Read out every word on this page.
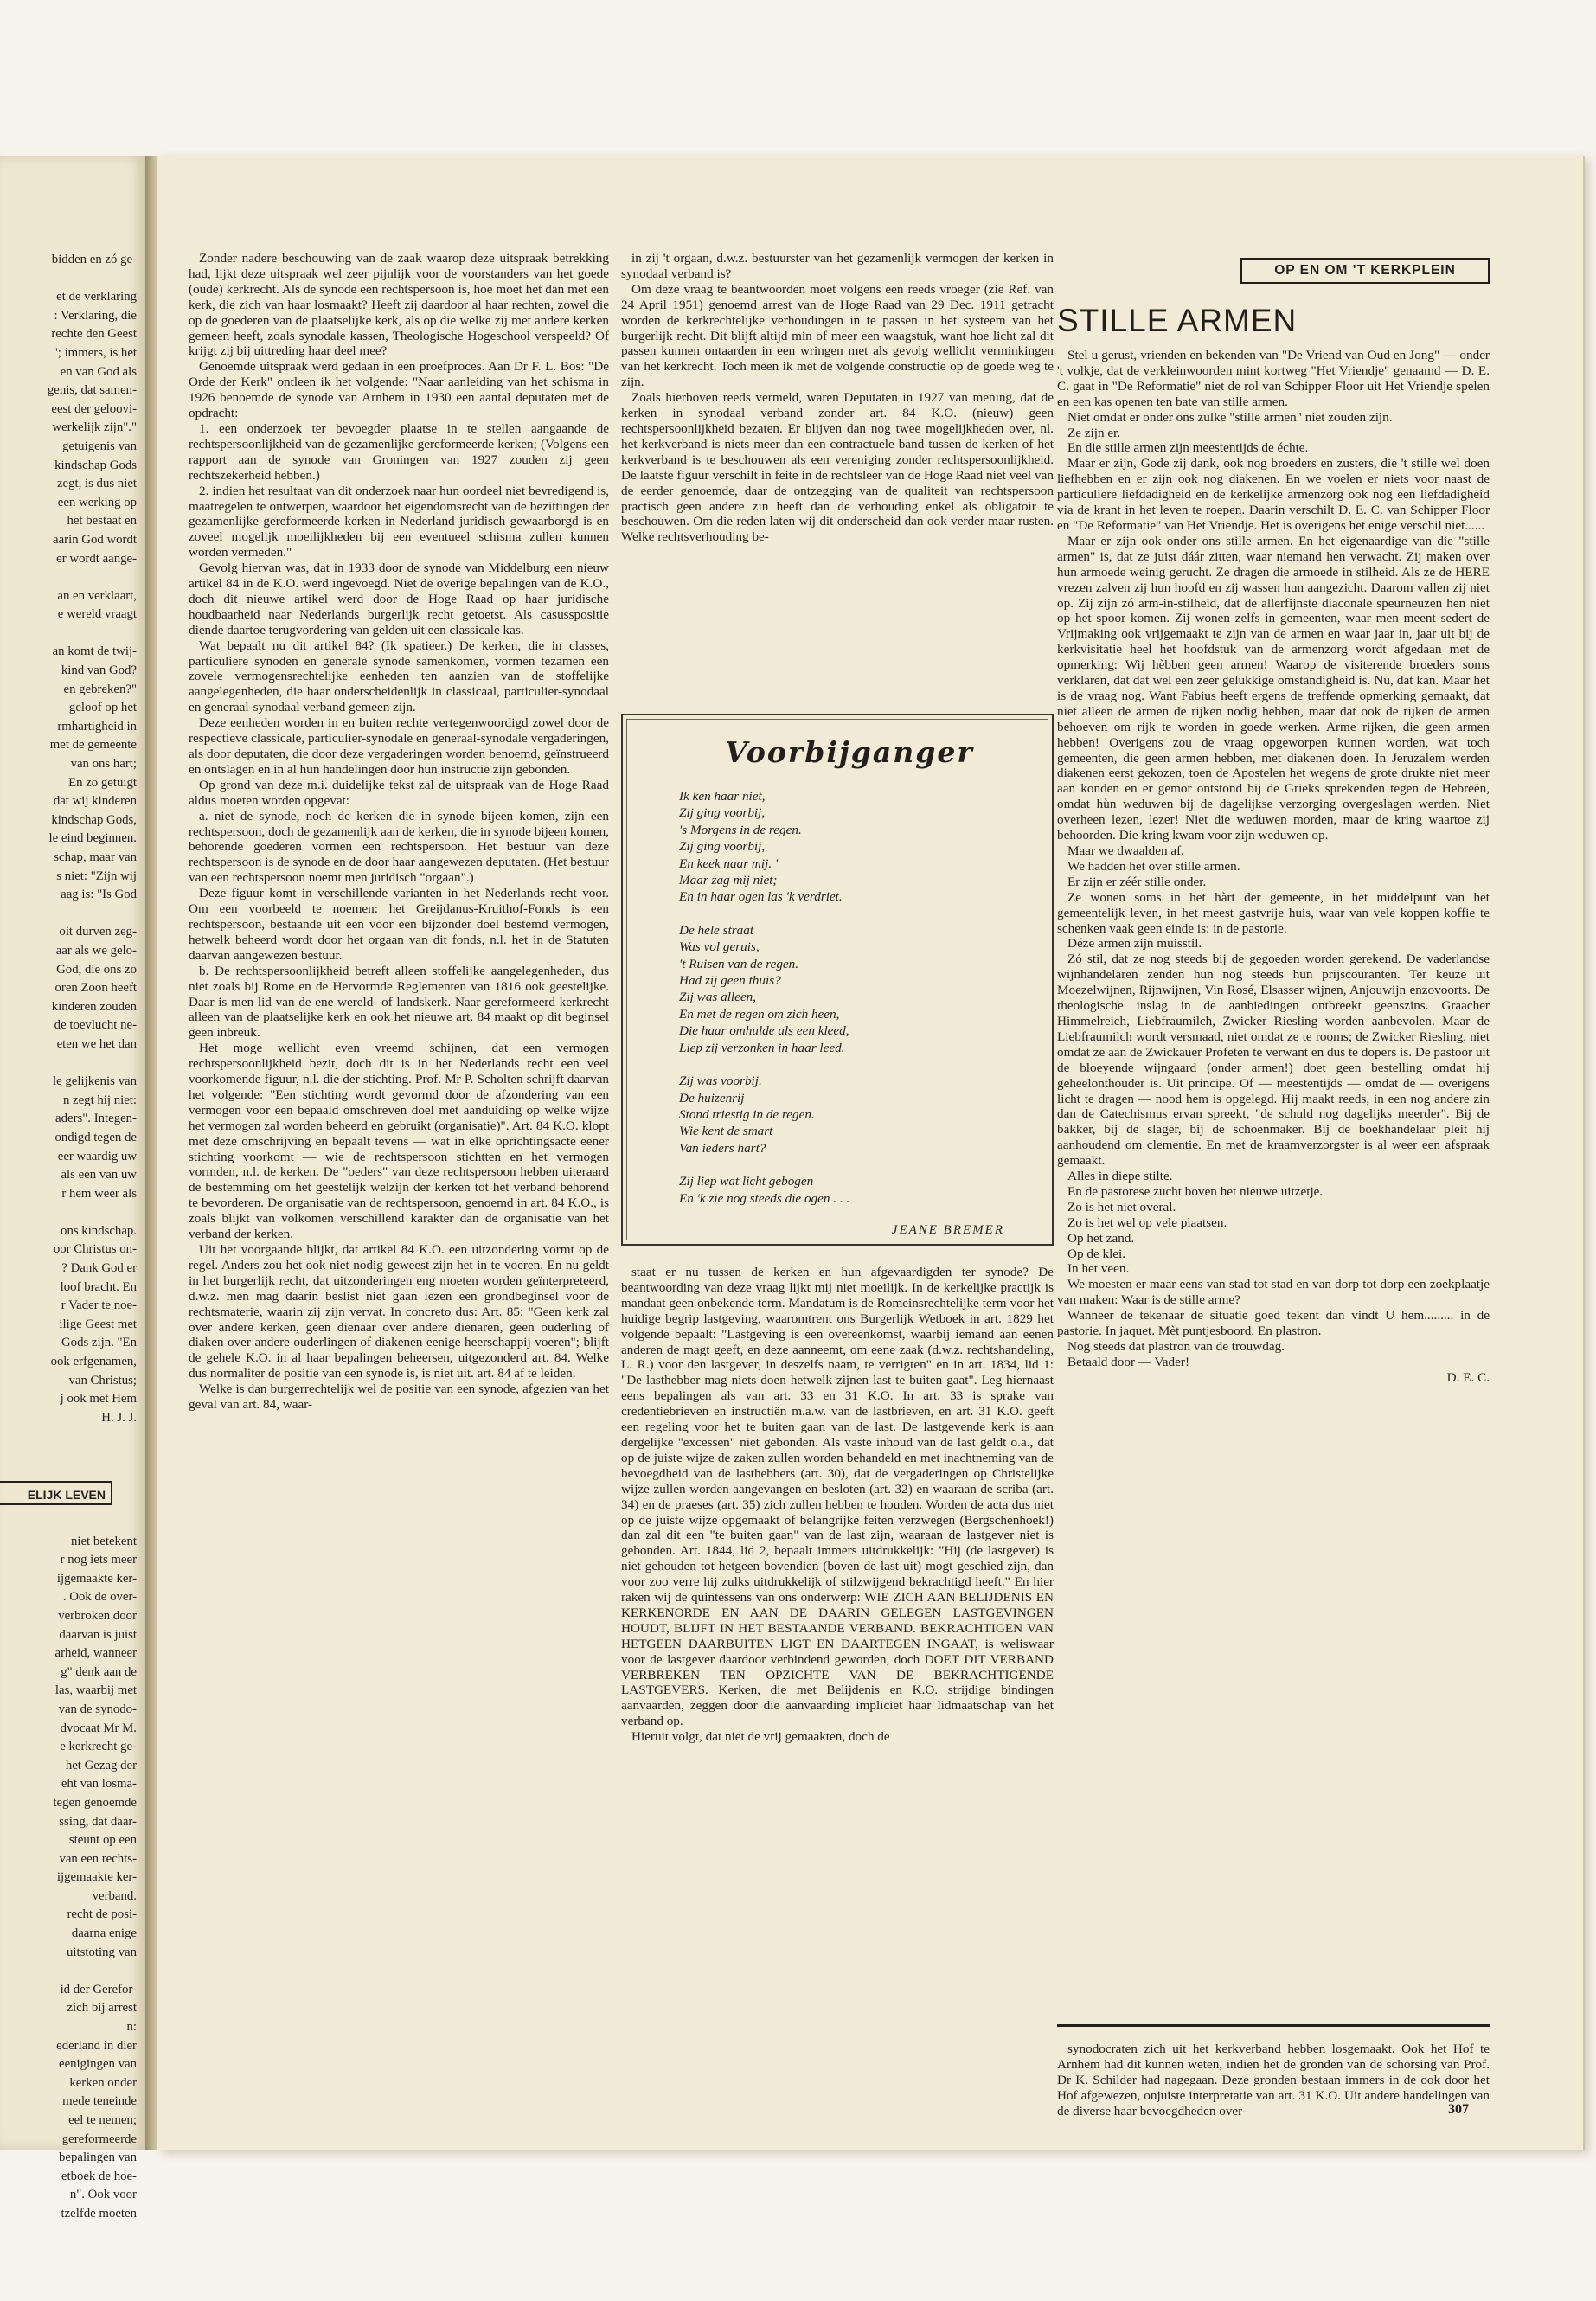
bidden en zó ge-

et de verklaring

: Verklaring, die

rechte den Geest

'; immers, is het

en van God als

genis, dat samen-

eest der geloovi-

werkelijk zijn"."

getuigenis van

kindschap Gods

zegt, is dus niet

een werking op

het bestaat en

aarin God wordt

er wordt aange-

an en verklaart,

e wereld vraagt

an komt de twij-

kind van God?

en gebreken?"

geloof op het

rmhartigheid in

met de gemeente

van ons hart;

En zo getuigt

dat wij kinderen

kindschap Gods,

le eind beginnen.

schap, maar van

s niet: "Zijn wij

aag is: "Is God

oit durven zeg-

aar als we gelo-

God, die ons zo

oren Zoon heeft

kinderen zouden

de toevlucht ne-

eten we het dan

le gelijkenis van

n zegt hij niet:

aders". Integen-

ondigd tegen de

eer waardig uw

als een van uw

r hem weer als

ons kindschap.

oor Christus on-

? Dank God er

loof bracht. En

r Vader te noe-

ilige Geest met

Gods zijn. "En

ook erfgenamen,

van Christus;

j ook met Hem

H. J. J.

ELIJK LEVEN

niet betekent

r nog iets meer

ijgemaakte ker-

. Ook de over-

verbroken door

daarvan is juist

arheid, wanneer

g" denk aan de

las, waarbij met

van de synodo-

dvocaat Mr M.

e kerkrecht ge-

het Gezag der

eht van losma-

tegen genoemde

ssing, dat daar-

steunt op een

van een rechts-

ijgemaakte ker-

verband.

recht de posi-

daarna enige

uitstoting van

id der Gerefor-

zich bij arrest

n:

ederland in dier

eenigingen van

kerken onder

mede teneinde

eel te nemen;

gereformeerde

bepalingen van

etboek de hoe-

n". Ook voor

tzelfde moeten

Zonder nadere beschouwing van de zaak waarop deze uitspraak betrekking had, lijkt deze uitspraak wel zeer pijnlijk voor de voorstanders van het goede (oude) kerkrecht. Als de synode een rechtspersoon is, hoe moet het dan met een kerk, die zich van haar losmaakt? Heeft zij daardoor al haar rechten, zowel die op de goederen van de plaatselijke kerk, als op die welke zij met andere kerken gemeen heeft, zoals synodale kassen, Theologische Hogeschool verspeeld? Of krijgt zij bij uittreding haar deel mee?

Genoemde uitspraak werd gedaan in een proefproces. Aan Dr F. L. Bos: "De Orde der Kerk" ontleen ik het volgende: "Naar aanleiding van het schisma in 1926 benoemde de synode van Arnhem in 1930 een aantal deputaten met de opdracht:

1. een onderzoek ter bevoegder plaatse in te stellen aangaande de rechtspersoonlijkheid van de gezamenlijke gereformeerde kerken; (Volgens een rapport aan de synode van Groningen van 1927 zouden zij geen rechtszekerheid hebben.)

2. indien het resultaat van dit onderzoek naar hun oordeel niet bevredigend is, maatregelen te ontwerpen, waardoor het eigendomsrecht van de bezittingen der gezamenlijke gereformeerde kerken in Nederland juridisch gewaarborgd is en zoveel mogelijk moeilijkheden bij een eventueel schisma zullen kunnen worden vermeden."

Gevolg hiervan was, dat in 1933 door de synode van Middelburg een nieuw artikel 84 in de K.O. werd ingevoegd. Niet de overige bepalingen van de K.O., doch dit nieuwe artikel werd door de Hoge Raad op haar juridische houdbaarheid naar Nederlands burgerlijk recht getoetst. Als casusspositie diende daartoe terugvordering van gelden uit een classicale kas.

Wat bepaalt nu dit artikel 84? (Ik spatieer.) De kerken, die in classes, particuliere synoden en generale synode samenkomen, vormen tezamen een zovele vermogensrechtelijke eenheden ten aanzien van de stoffelijke aangelegenheden, die haar onderscheidenlijk in classicaal, particulier-synodaal en generaal-synodaal verband gemeen zijn.

Deze eenheden worden in en buiten rechte vertegenwoordigd zowel door de respectieve classicale, particulier-synodale en generaal-synodale vergaderingen, als door deputaten, die door deze vergaderingen worden benoemd, geïnstrueerd en ontslagen en in al hun handelingen door hun instructie zijn gebonden.

Op grond van deze m.i. duidelijke tekst zal de uitspraak van de Hoge Raad aldus moeten worden opgevat:

a. niet de synode, noch de kerken die in synode bijeen komen, zijn een rechtspersoon, doch de gezamenlijk aan de kerken, die in synode bijeen komen, behorende goederen vormen een rechtspersoon. Het bestuur van deze rechtspersoon is de synode en de door haar aangewezen deputaten. (Het bestuur van een rechtspersoon noemt men juridisch "orgaan".)

Deze figuur komt in verschillende varianten in het Nederlands recht voor. Om een voorbeeld te noemen: het Greijdanus-Kruithof-Fonds is een rechtspersoon, bestaande uit een voor een bijzonder doel bestemd vermogen, hetwelk beheerd wordt door het orgaan van dit fonds, n.l. het in de Statuten daarvan aangewezen bestuur.

b. De rechtspersoonlijkheid betreft alleen stoffelijke aangelegenheden, dus niet zoals bij Rome en de Hervormde Reglementen van 1816 ook geestelijke. Daar is men lid van de ene wereld- of landskerk. Naar gereformeerd kerkrecht alleen van de plaatselijke kerk en ook het nieuwe art. 84 maakt op dit beginsel geen inbreuk.

Het moge wellicht even vreemd schijnen, dat een vermogen rechtspersoonlijkheid bezit, doch dit is in het Nederlands recht een veel voorkomende figuur, n.l. die der stichting. Prof. Mr P. Scholten schrijft daarvan het volgende: "Een stichting wordt gevormd door de afzondering van een vermogen voor een bepaald omschreven doel met aanduiding op welke wijze het vermogen zal worden beheerd en gebruikt (organisatie)". Art. 84 K.O. klopt met deze omschrijving en bepaalt tevens — wat in elke oprichtingsacte eener stichting voorkomt — wie de rechtspersoon stichtten en het vermogen vormden, n.l. de kerken. De "oeders" van deze rechtspersoon hebben uiteraard de bestemming om het geestelijk welzijn der kerken tot het verband behorend te bevorderen. De organisatie van de rechtspersoon, genoemd in art. 84 K.O., is zoals blijkt van volkomen verschillend karakter dan de organisatie van het verband der kerken.

Uit het voorgaande blijkt, dat artikel 84 K.O. een uitzondering vormt op de regel. Anders zou het ook niet nodig geweest zijn het in te voeren. En nu geldt in het burgerlijk recht, dat uitzonderingen eng moeten worden geïnterpreteerd, d.w.z. men mag daarin beslist niet gaan lezen een grondbeginsel voor de rechtsmaterie, waarin zij zijn vervat. In concreto dus: Art. 85: "Geen kerk zal over andere kerken, geen dienaar over andere dienaren, geen ouderling of diaken over andere ouderlingen of diakenen eenige heerschappij voeren"; blijft de gehele K.O. in al haar bepalingen beheersen, uitgezonderd art. 84. Welke dus normaliter de positie van een synode is, is niet uit. art. 84 af te leiden.

Welke is dan burgerrechtelijk wel de positie van een synode, afgezien van het geval van art. 84, waar-

in zij 't orgaan, d.w.z. bestuurster van het gezamenlijk vermogen der kerken in synodaal verband is?

Om deze vraag te beantwoorden moet volgens een reeds vroeger (zie Ref. van 24 April 1951) genoemd arrest van de Hoge Raad van 29 Dec. 1911 getracht worden de kerkrechtelijke verhoudingen in te passen in het systeem van het burgerlijk recht. Dit blijft altijd min of meer een waagstuk, want hoe licht zal dit passen kunnen ontaarden in een wringen met als gevolg wellicht verminkingen van het kerkrecht. Toch meen ik met de volgende constructie op de goede weg te zijn.

Zoals hierboven reeds vermeld, waren Deputaten in 1927 van mening, dat de kerken in synodaal verband zonder art. 84 K.O. (nieuw) geen rechtspersoonlijkheid bezaten. Er blijven dan nog twee mogelijkheden over, nl. het kerkverband is niets meer dan een contractuele band tussen de kerken of het kerkverband is te beschouwen als een vereniging zonder rechtspersoonlijkheid. De laatste figuur verschilt in feite in de rechtsleer van de Hoge Raad niet veel van de eerder genoemde, daar de ontzegging van de qualiteit van rechtspersoon practisch geen andere zin heeft dan de verhouding enkel als obligatoir te beschouwen. Om die reden laten wij dit onderscheid dan ook verder maar rusten. Welke rechtsverhouding be-

Voorbijganger

Ik ken haar niet,

Zij ging voorbij,

's Morgens in de regen.

Zij ging voorbij,

En keek naar mij. '

Maar zag mij niet;

En in haar ogen las 'k verdriet.

De hele straat

Was vol geruis,

't Ruisen van de regen.

Had zij geen thuis?

Zij was alleen,

En met de regen om zich heen,

Die haar omhulde als een kleed,

Liep zij verzonken in haar leed.

Zij was voorbij.

De huizenrij

Stond triestig in de regen.

Wie kent de smart

Van ieders hart?

Zij liep wat licht gebogen

En 'k zie nog steeds die ogen . . .

JEANE BREMER

staat er nu tussen de kerken en hun afgevaardigden ter synode? De beantwoording van deze vraag lijkt mij niet moeilijk. In de kerkelijke practijk is mandaat geen onbekende term. Mandatum is de Romeinsrechtelijke term voor het huidige begrip lastgeving, waaromtrent ons Burgerlijk Wetboek in art. 1829 het volgende bepaalt: "Lastgeving is een overeenkomst, waarbij iemand aan eenen anderen de magt geeft, en deze aanneemt, om eene zaak (d.w.z. rechtshandeling, L. R.) voor den lastgever, in deszelfs naam, te verrigten" en in art. 1834, lid 1: "De lasthebber mag niets doen hetwelk zijnen last te buiten gaat". Leg hiernaast eens bepalingen als van art. 33 en 31 K.O. In art. 33 is sprake van credentiebrieven en instructiën m.a.w. van de lastbrieven, en art. 31 K.O. geeft een regeling voor het te buiten gaan van de last. De lastgevende kerk is aan dergelijke "excessen" niet gebonden. Als vaste inhoud van de last geldt o.a., dat op de juiste wijze de zaken zullen worden behandeld en met inachtneming van de bevoegdheid van de lasthebbers (art. 30), dat de vergaderingen op Christelijke wijze zullen worden aangevangen en besloten (art. 32) en waaraan de scriba (art. 34) en de praeses (art. 35) zich zullen hebben te houden. Worden de acta dus niet op de juiste wijze opgemaakt of belangrijke feiten verzwegen (Bergschenhoek!) dan zal dit een "te buiten gaan" van de last zijn, waaraan de lastgever niet is gebonden. Art. 1844, lid 2, bepaalt immers uitdrukkelijk: "Hij (de lastgever) is niet gehouden tot hetgeen bovendien (boven de last uit) mogt geschied zijn, dan voor zoo verre hij zulks uitdrukkelijk of stilzwijgend bekrachtigd heeft." En hier raken wij de quintessens van ons onderwerp: WIE ZICH AAN BELIJDENIS EN KERKENORDE EN AAN DE DAARIN GELEGEN LASTGEVINGEN HOUDT, BLIJFT IN HET BESTAANDE VERBAND. BEKRACHTIGEN VAN HETGEEN DAARBUITEN LIGT EN DAARTEGEN INGAAT, is weliswaar voor de lastgever daardoor verbindend geworden, doch DOET DIT VERBAND VERBREKEN TEN OPZICHTE VAN DE BEKRACHTIGENDE LASTGEVERS. Kerken, die met Belijdenis en K.O. strijdige bindingen aanvaarden, zeggen door die aanvaarding impliciet haar lidmaatschap van het verband op.

Hieruit volgt, dat niet de vrij gemaakten, doch de

OP EN OM 'T KERKPLEIN
STILLE ARMEN

Stel u gerust, vrienden en bekenden van "De Vriend van Oud en Jong" — onder 't volkje, dat de verkleinwoorden mint kortweg "Het Vriendje" genaamd — D. E. C. gaat in "De Reformatie" niet de rol van Schipper Floor uit Het Vriendje spelen en een kas openen ten bate van stille armen.

Niet omdat er onder ons zulke "stille armen" niet zouden zijn.

Ze zijn er.

En die stille armen zijn meestentijds de échte.

Maar er zijn, Gode zij dank, ook nog broeders en zusters, die 't stille wel doen liefhebben en er zijn ook nog diakenen. En we voelen er niets voor naast de particuliere liefdadigheid en de kerkelijke armenzorg ook nog een liefdadigheid via de krant in het leven te roepen. Daarin verschilt D. E. C. van Schipper Floor en "De Reformatie" van Het Vriendje. Het is overigens het enige verschil niet......

Maar er zijn ook onder ons stille armen. En het eigenaardige van die "stille armen" is, dat ze juist dáár zitten, waar niemand hen verwacht. Zij maken over hun armoede weinig gerucht. Ze dragen die armoede in stilheid. Als ze de HERE vrezen zalven zij hun hoofd en zij wassen hun aangezicht. Daarom vallen zij niet op. Zij zijn zó arm-in-stilheid, dat de allerfijnste diaconale speurneuzen hen niet op het spoor komen. Zij wonen zelfs in gemeenten, waar men meent sedert de Vrijmaking ook vrijgemaakt te zijn van de armen en waar jaar in, jaar uit bij de kerkvisitatie heel het hoofdstuk van de armenzorg wordt afgedaan met de opmerking: Wij hèbben geen armen! Waarop de visiterende broeders soms verklaren, dat dat wel een zeer gelukkige omstandigheid is. Nu, dat kan. Maar het is de vraag nog. Want Fabius heeft ergens de treffende opmerking gemaakt, dat niet alleen de armen de rijken nodig hebben, maar dat ook de rijken de armen behoeven om rijk te worden in goede werken. Arme rijken, die geen armen hebben! Overigens zou de vraag opgeworpen kunnen worden, wat toch gemeenten, die geen armen hebben, met diakenen doen. In Jeruzalem werden diakenen eerst gekozen, toen de Apostelen het wegens de grote drukte niet meer aan konden en er gemor ontstond bij de Grieks sprekenden tegen de Hebreën, omdat hùn weduwen bij de dagelijkse verzorging overgeslagen werden. Niet overheen lezen, lezer! Niet die weduwen morden, maar de kring waartoe zij behoorden. Die kring kwam voor zijn weduwen op.

Maar we dwaalden af.

We hadden het over stille armen.

Er zijn er zéér stille onder.

Ze wonen soms in het hàrt der gemeente, in het middelpunt van het gemeentelijk leven, in het meest gastvrije huis, waar van vele koppen koffie te schenken vaak geen einde is: in de pastorie.

Déze armen zijn muisstil.

Zó stil, dat ze nog steeds bij de gegoeden worden gerekend. De vaderlandse wijnhandelaren zenden hun nog steeds hun prijscouranten. Ter keuze uit Moezelwijnen, Rijnwijnen, Vin Rosé, Elsasser wijnen, Anjouwijn enzovoorts. De theologische inslag in de aanbiedingen ontbreekt geenszins. Graacher Himmelreich, Liebfraumilch, Zwicker Riesling worden aanbevolen. Maar de Liebfraumilch wordt versmaad, niet omdat ze te rooms; de Zwicker Riesling, niet omdat ze aan de Zwickauer Profeten te verwant en dus te dopers is. De pastoor uit de bloeyende wijngaard (onder armen!) doet geen bestelling omdat hij geheelonthouder is. Uit principe. Of — meestentijds — omdat de — overigens licht te dragen — nood hem is opgelegd. Hij maakt reeds, in een nog andere zin dan de Catechismus ervan spreekt, "de schuld nog dagelijks meerder". Bij de bakker, bij de slager, bij de schoenmaker. Bij de boekhandelaar pleit hij aanhoudend om clementie. En met de kraamverzorgster is al weer een afspraak gemaakt.

Alles in diepe stilte.

En de pastorese zucht boven het nieuwe uitzetje.

Zo is het niet overal.

Zo is het wel op vele plaatsen.

Op het zand.

Op de klei.

In het veen.

We moesten er maar eens van stad tot stad en van dorp tot dorp een zoekplaatje van maken: Waar is de stille arme?

Wanneer de tekenaar de situatie goed tekent dan vindt U hem......... in de pastorie. In jaquet. Mèt puntjesboord. En plastron.

Nog steeds dat plastron van de trouwdag.

Betaald door — Vader!

D. E. C.

synodocraten zich uit het kerkverband hebben losgemaakt. Ook het Hof te Arnhem had dit kunnen weten, indien het de gronden van de schorsing van Prof. Dr K. Schilder had nagegaan. Deze gronden bestaan immers in de ook door het Hof afgewezen, onjuiste interpretatie van art. 31 K.O. Uit andere handelingen van de diverse haar bevoegdheden over-	307
